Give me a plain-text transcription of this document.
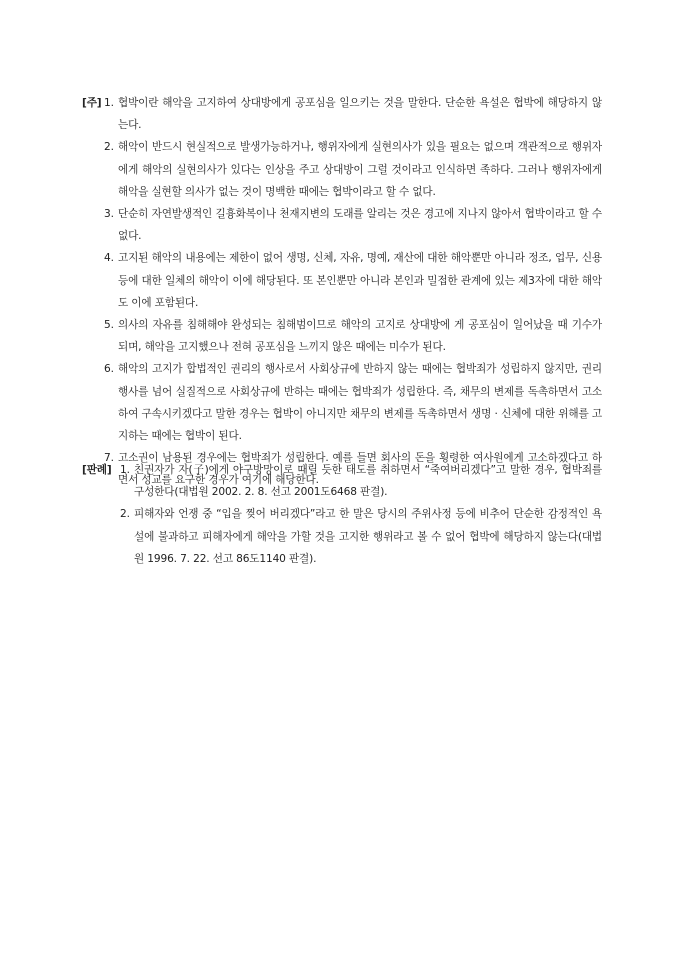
[주] 1. 협박이란 해악을 고지하여 상대방에게 공포심을 일으키는 것을 말한다. 단순한 욕설은 협박에 해당하지 않는다.
2. 해악이 반드시 현실적으로 발생가능하거나, 행위자에게 실현의사가 있을 필요는 없으며 객관적으로 행위자에게 해악의 실현의사가 있다는 인상을 주고 상대방이 그럴 것이라고 인식하면 족하다. 그러나 행위자에게 해악을 실현할 의사가 없는 것이 명백한 때에는 협박이라고 할 수 없다.
3. 단순히 자연발생적인 길흉화복이나 천재지변의 도래를 알리는 것은 경고에 지나지 않아서 협박이라고 할 수 없다.
4. 고지된 해악의 내용에는 제한이 없어 생명, 신체, 자유, 명예, 재산에 대한 해악뿐만 아니라 정조, 업무, 신용 등에 대한 일체의 해악이 이에 해당된다. 또 본인뿐만 아니라 본인과 밀접한 관계에 있는 제3자에 대한 해악도 이에 포함된다.
5. 의사의 자유를 침해해야 완성되는 침해범이므로 해악의 고지로 상대방에 게 공포심이 일어났을 때 기수가 되며, 해악을 고지했으나 전혀 공포심을 느끼지 않은 때에는 미수가 된다.
6. 해악의 고지가 합법적인 권리의 행사로서 사회상규에 반하지 않는 때에는 협박죄가 성립하지 않지만, 권리행사를 넘어 실질적으로 사회상규에 반하는 때에는 협박죄가 성립한다. 즉, 채무의 변제를 독촉하면서 고소하여 구속시키겠다고 말한 경우는 협박이 아니지만 채무의 변제를 독촉하면서 생명 · 신체에 대한 위해를 고지하는 때에는 협박이 된다.
7. 고소권이 남용된 경우에는 협박죄가 성립한다. 예를 들면 회사의 돈을 횡령한 여사원에게 고소하겠다고 하면서 성교를 요구한 경우가 여기에 해당한다.
[판례] 1. 친권자가 자(子)에게 야구방망이로 때릴 듯한 태도를 취하면서 “죽여버리겠다”고 말한 경우, 협박죄를 구성한다(대법원 2002. 2. 8. 선고 2001도6468 판결).
2. 피해자와 언쟁 중 “입을 찢어 버리겠다”라고 한 말은 당시의 주위사정 등에 비추어 단순한 감정적인 욕설에 불과하고 피해자에게 해악을 가할 것을 고지한 행위라고 볼 수 없어 협박에 해당하지 않는다(대법원 1996. 7. 22. 선고 86도1140 판결).
